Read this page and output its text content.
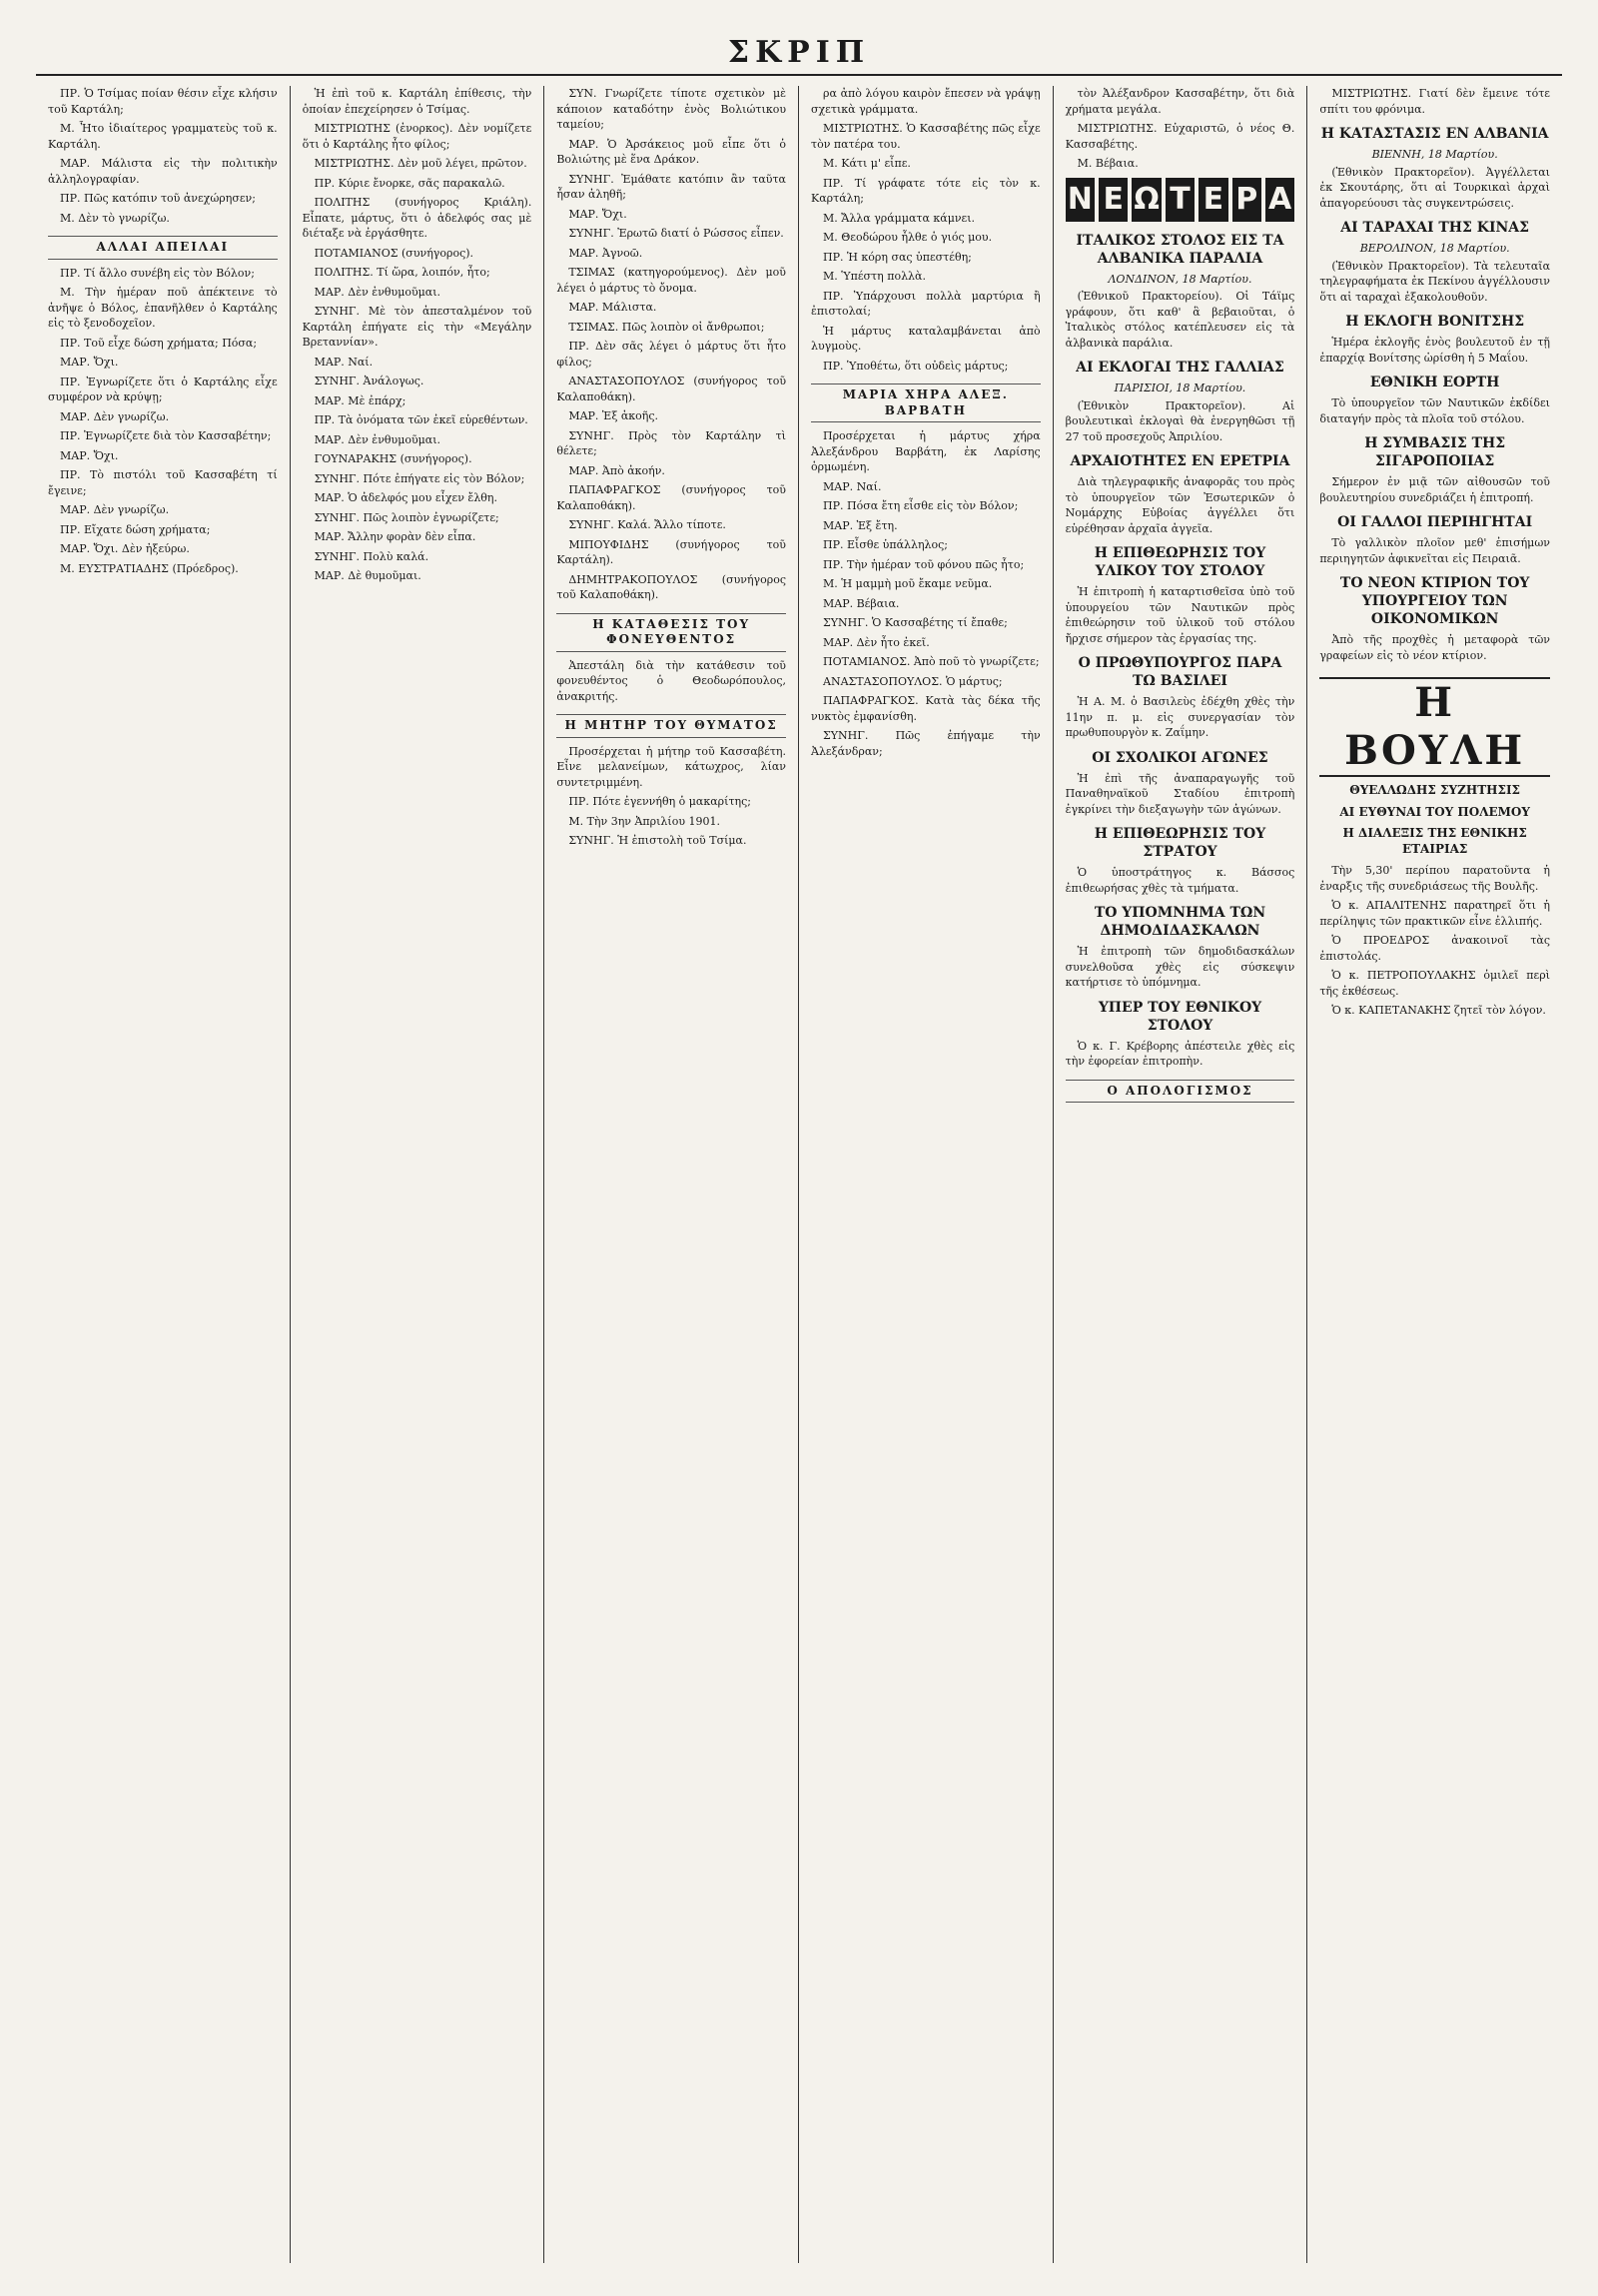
ΣΚΡΙΠ

ΠΡ. Ὁ Τσίμας ποίαν θέσιν εἶχε κλήσιν τοῦ Καρτάλη;

Μ. Ἦτο ἰδιαίτερος γραμματεὺς τοῦ κ. Καρτάλη.

ΜΑΡ. Μάλιστα εἰς τὴν πολιτικὴν ἀλληλογραφίαν.

ΠΡ. Πῶς κατόπιν τοῦ ἀνεχώρησεν;

Μ. Δὲν τὸ γνωρίζω.

ΑΛΛΑΙ ΑΠΕΙΛΑΙ

ΠΡ. Τί ἄλλο συνέβη εἰς τὸν Βόλον;

Μ. Τὴν ἡμέραν ποῦ ἀπέκτεινε τὸ ἀνῆψε ὁ Βόλος, ἐπανῆλθεν ὁ Καρτάλης εἰς τὸ ξενοδοχεῖον.

ΠΡ. Τοῦ εἶχε δώση χρήματα; Πόσα;

ΜΑΡ. Ὄχι.

ΠΡ. Ἐγνωρίζετε ὅτι ὁ Καρτάλης εἶχε συμφέρον νὰ κρύψῃ;

ΜΑΡ. Δὲν γνωρίζω.

ΠΡ. Ἐγνωρίζετε διὰ τὸν Κασσαβέτην;

ΜΑΡ. Ὄχι.

ΠΡ. Τὸ πιστόλι τοῦ Κασσαβέτη τί ἔγεινε;

ΜΑΡ. Δὲν γνωρίζω.

ΠΡ. Εἴχατε δώση χρήματα;

ΜΑΡ. Ὄχι. Δὲν ἠξεύρω.

Μ. ΕΥΣΤΡΑΤΙΑΔΗΣ (Πρόεδρος).

Ἡ ἐπὶ τοῦ κ. Καρτάλη ἐπίθεσις, τὴν ὁποίαν ἐπεχείρησεν ὁ Τσίμας.

ΜΙΣΤΡΙΩΤΗΣ (ἐνορκος). Δὲν νομίζετε ὅτι ὁ Καρτάλης ἦτο φίλος;

ΜΙΣΤΡΙΩΤΗΣ. Δὲν μοῦ λέγει, πρῶτον.

ΠΡ. Κύριε ἔνορκε, σᾶς παρακαλῶ.

ΠΟΛΙΤΗΣ (συνήγορος Κριάλη). Εἶπατε, μάρτυς, ὅτι ὁ ἀδελφός σας μὲ διέταξε νὰ ἐργάσθητε.

ΠΟΤΑΜΙΑΝΟΣ (συνήγορος).

ΠΟΛΙΤΗΣ. Τί ὥρα, λοιπόν, ἦτο;

ΜΑΡ. Δὲν ἐνθυμοῦμαι.

ΣΥΝΗΓ. Μὲ τὸν ἀπεσταλμένον τοῦ Καρτάλη ἐπήγατε εἰς τὴν «Μεγάλην Βρεταννίαν».

ΜΑΡ. Ναί.

ΣΥΝΗΓ. Ἀνάλογως.

ΜΑΡ. Μὲ ἐπάρχ;

ΠΡ. Τὰ ὀνόματα τῶν ἐκεῖ εὑρεθέντων.

ΜΑΡ. Δὲν ἐνθυμοῦμαι.

ΓΟΥΝΑΡΑΚΗΣ (συνήγορος).

ΣΥΝΗΓ. Πότε ἐπήγατε εἰς τὸν Βόλον;

ΜΑΡ. Ὁ ἀδελφός μου εἶχεν ἔλθη.

ΣΥΝΗΓ. Πῶς λοιπὸν ἐγνωρίζετε;

ΜΑΡ. Ἄλλην φορὰν δὲν εἶπα.

ΣΥΝΗΓ. Πολὺ καλά.

ΜΑΡ. Δὲ θυμοῦμαι.

ΣΥΝ. Γνωρίζετε τίποτε σχετικὸν μὲ κάποιον καταδότην ἐνὸς Βολιώτικου ταμείου;

ΜΑΡ. Ὁ Ἀρσάκειος μοῦ εἶπε ὅτι ὁ Βολιώτης μὲ ἕνα Δράκον.

ΣΥΝΗΓ. Ἐμάθατε κατόπιν ἂν ταῦτα ἦσαν ἀληθῆ;

ΜΑΡ. Ὄχι.

ΣΥΝΗΓ. Ἐρωτῶ διατί ὁ Ρώσσος εἶπεν.

ΜΑΡ. Ἀγνοῶ.

ΤΣΙΜΑΣ (κατηγορούμενος). Δὲν μοῦ λέγει ὁ μάρτυς τὸ ὄνομα.

ΜΑΡ. Μάλιστα.

ΤΣΙΜΑΣ. Πῶς λοιπὸν οἱ ἄνθρωποι;

ΠΡ. Δὲν σᾶς λέγει ὁ μάρτυς ὅτι ἦτο φίλος;

ΑΝΑΣΤΑΣΟΠΟΥΛΟΣ (συνήγορος τοῦ Καλαποθάκη).

ΜΑΡ. Ἐξ ἀκοῆς.

ΣΥΝΗΓ. Πρὸς τὸν Καρτάλην τὶ θέλετε;

ΜΑΡ. Ἀπὸ ἀκοήν.

ΠΑΠΑΦΡΑΓΚΟΣ (συνήγορος τοῦ Καλαποθάκη).

ΣΥΝΗΓ. Καλά. Ἄλλο τίποτε.

ΜΙΠΟΥΦΙΔΗΣ (συνήγορος τοῦ Καρτάλη).

ΔΗΜΗΤΡΑΚΟΠΟΥΛΟΣ (συνήγορος τοῦ Καλαποθάκη).

Η ΚΑΤΑΘΕΣΙΣ ΤΟΥ ΦΟΝΕΥΘΕΝΤΟΣ

Ἀπεστάλη διὰ τὴν κατάθεσιν τοῦ φονευθέντος ὁ Θεοδωρόπουλος, ἀνακριτής.

Η ΜΗΤΗΡ ΤΟΥ ΘΥΜΑΤΟΣ

Προσέρχεται ἡ μήτηρ τοῦ Κασσαβέτη. Εἶνε μελανείμων, κάτωχρος, λίαν συντετριμμένη.

ΠΡ. Πότε ἐγεννήθη ὁ μακαρίτης;

Μ. Τὴν 3ην Ἀπριλίου 1901.

ΣΥΝΗΓ. Ἡ ἐπιστολὴ τοῦ Τσίμα.

ρα ἀπὸ λόγου καιρὸν ἔπεσεν νὰ γράψῃ σχετικὰ γράμματα.

ΜΙΣΤΡΙΩΤΗΣ. Ὁ Κασσαβέτης πῶς εἶχε τὸν πατέρα του.

Μ. Κάτι μ' εἶπε.

ΠΡ. Τί γράφατε τότε εἰς τὸν κ. Καρτάλη;

Μ. Ἄλλα γράμματα κάμνει.

Μ. Θεοδώρου ἦλθε ὁ γιός μου.

ΠΡ. Ἡ κόρη σας ὑπεστέθη;

Μ. Ὑπέστη πολλὰ.

ΠΡ. Ὑπάρχουσι πολλὰ μαρτύρια ἢ ἐπιστολαί;

Ἡ μάρτυς καταλαμβάνεται ἀπὸ λυγμοὺς.

ΠΡ. Ὑποθέτω, ὅτι οὐδεὶς μάρτυς;

ΜΑΡΙΑ ΧΗΡΑ ΑΛΕΞ. ΒΑΡΒΑΤΗ

Προσέρχεται ἡ μάρτυς χήρα Ἀλεξάνδρου Βαρβάτη, ἐκ Λαρίσης ὁρμωμένη.

ΜΑΡ. Ναί.

ΠΡ. Πόσα ἔτη εἶσθε εἰς τὸν Βόλον;

ΜΑΡ. Ἐξ ἔτη.

ΠΡ. Εἶσθε ὑπάλληλος;

ΠΡ. Τὴν ἡμέραν τοῦ φόνου πῶς ἦτο;

Μ. Ἡ μαμμὴ μοῦ ἔκαμε νεῦμα.

ΜΑΡ. Βέβαια.

ΣΥΝΗΓ. Ὁ Κασσαβέτης τί ἔπαθε;

ΜΑΡ. Δὲν ἦτο ἐκεῖ.

ΠΟΤΑΜΙΑΝΟΣ. Ἀπὸ ποῦ τὸ γνωρίζετε;

ΑΝΑΣΤΑΣΟΠΟΥΛΟΣ. Ὁ μάρτυς;

ΠΑΠΑΦΡΑΓΚΟΣ. Κατὰ τὰς δέκα τῆς νυκτὸς ἐμφανίσθη.

ΣΥΝΗΓ. Πῶς ἐπήγαμε τὴν Ἀλεξάνδραν;

τὸν Ἀλέξανδρον Κασσαβέτην, ὅτι διὰ χρήματα μεγάλα.

ΜΙΣΤΡΙΩΤΗΣ. Εὐχαριστῶ, ὁ νέος Θ. Κασσαβέτης.

Μ. Βέβαια.

Ν Ε Ω Τ Ε Ρ Α
ΙΤΑΛΙΚΟΣ ΣΤΟΛΟΣ ΕΙΣ ΤΑ ΑΛΒΑΝΙΚΑ ΠΑΡΑΛΙΑ
ΛΟΝΔΙΝΟΝ, 18 Μαρτίου.

(Ἐθνικοῦ Πρακτορείου). Οἱ Τάϊμς γράφουν, ὅτι καθ' ἃ βεβαιοῦται, ὁ Ἰταλικὸς στόλος κατέπλευσεν εἰς τὰ ἀλβανικὰ παράλια.

ΑΙ ΕΚΛΟΓΑΙ ΤΗΣ ΓΑΛΛΙΑΣ
ΠΑΡΙΣΙΟΙ, 18 Μαρτίου.

(Ἐθνικὸν Πρακτορεῖον). Αἱ βουλευτικαὶ ἐκλογαὶ θὰ ἐνεργηθῶσι τῇ 27 τοῦ προσεχοῦς Ἀπριλίου.

ΑΡΧΑΙΟΤΗΤΕΣ ΕΝ ΕΡΕΤΡΙΑ

Διὰ τηλεγραφικῆς ἀναφορᾶς του πρὸς τὸ ὑπουργεῖον τῶν Ἐσωτερικῶν ὁ Νομάρχης Εὐβοίας ἀγγέλλει ὅτι εὑρέθησαν ἀρχαῖα ἀγγεῖα.

Η ΕΠΙΘΕΩΡΗΣΙΣ ΤΟΥ ΥΛΙΚΟΥ ΤΟΥ ΣΤΟΛΟΥ

Ἡ ἐπιτροπὴ ἡ καταρτισθεῖσα ὑπὸ τοῦ ὑπουργείου τῶν Ναυτικῶν πρὸς ἐπιθεώρησιν τοῦ ὑλικοῦ τοῦ στόλου ἤρχισε σήμερον τὰς ἐργασίας της.

Ο ΠΡΩΘΥΠΟΥΡΓΟΣ ΠΑΡΑ ΤΩ ΒΑΣΙΛΕΙ

Ἡ Α. Μ. ὁ Βασιλεὺς ἐδέχθη χθὲς τὴν 11ην π. μ. εἰς συνεργασίαν τὸν πρωθυπουργὸν κ. Ζαΐμην.

ΟΙ ΣΧΟΛΙΚΟΙ ΑΓΩΝΕΣ

Ἡ ἐπὶ τῆς ἀναπαραγωγῆς τοῦ Παναθηναϊκοῦ Σταδίου ἐπιτροπὴ ἐγκρίνει τὴν διεξαγωγὴν τῶν ἀγώνων.

Η ΕΠΙΘΕΩΡΗΣΙΣ ΤΟΥ ΣΤΡΑΤΟΥ

Ὁ ὑποστράτηγος κ. Βάσσος ἐπιθεωρήσας χθὲς τὰ τμήματα.

ΤΟ ΥΠΟΜΝΗΜΑ ΤΩΝ ΔΗΜΟΔΙΔΑΣΚΑΛΩΝ

Ἡ ἐπιτροπὴ τῶν δημοδιδασκάλων συνελθοῦσα χθὲς εἰς σύσκεψιν κατήρτισε τὸ ὑπόμνημα.

ΥΠΕΡ ΤΟΥ ΕΘΝΙΚΟΥ ΣΤΟΛΟΥ

Ὁ κ. Γ. Κρέβορης ἀπέστειλε χθὲς εἰς τὴν ἐφορείαν ἐπιτροπὴν.

Ο ΑΠΟΛΟΓΙΣΜΟΣ

ΜΙΣΤΡΙΩΤΗΣ. Γιατί δὲν ἔμεινε τότε σπίτι του φρόνιμα.

Η ΚΑΤΑΣΤΑΣΙΣ ΕΝ ΑΛΒΑΝΙΑ
ΒΙΕΝΝΗ, 18 Μαρτίου.

(Ἐθνικὸν Πρακτορεῖον). Ἀγγέλλεται ἐκ Σκουτάρης, ὅτι αἱ Τουρκικαὶ ἀρχαὶ ἀπαγορεύουσι τὰς συγκεντρώσεις.

ΑΙ ΤΑΡΑΧΑΙ ΤΗΣ ΚΙΝΑΣ
ΒΕΡΟΛΙΝΟΝ, 18 Μαρτίου.

(Ἐθνικὸν Πρακτορεῖον). Τὰ τελευταῖα τηλεγραφήματα ἐκ Πεκίνου ἀγγέλλουσιν ὅτι αἱ ταραχαὶ ἐξακολουθοῦν.

Η ΕΚΛΟΓΗ ΒΟΝΙΤΣΗΣ

Ἡμέρα ἐκλογῆς ἑνὸς βουλευτοῦ ἐν τῇ ἐπαρχίᾳ Βονίτσης ὡρίσθη ἡ 5 Μαΐου.

ΕΘΝΙΚΗ ΕΟΡΤΗ

Τὸ ὑπουργεῖον τῶν Ναυτικῶν ἐκδίδει διαταγήν πρὸς τὰ πλοῖα τοῦ στόλου.

Η ΣΥΜΒΑΣΙΣ ΤΗΣ ΣΙΓΑΡΟΠΟΙΙΑΣ

Σήμερον ἐν μιᾷ τῶν αἰθουσῶν τοῦ βουλευτηρίου συνεδριάζει ἡ ἐπιτροπή.

ΟΙ ΓΑΛΛΟΙ ΠΕΡΙΗΓΗΤΑΙ

Τὸ γαλλικὸν πλοῖον μεθ' ἐπισήμων περιηγητῶν ἀφικνεῖται εἰς Πειραιᾶ.

ΤΟ ΝΕΟΝ ΚΤΙΡΙΟΝ ΤΟΥ ΥΠΟΥΡΓΕΙΟΥ ΤΩΝ ΟΙΚΟΝΟΜΙΚΩΝ

Ἀπὸ τῆς προχθὲς ἡ μεταφορὰ τῶν γραφείων εἰς τὸ νέον κτίριον.

Η ΒΟΥΛΗ
ΘΥΕΛΛΩΔΗΣ ΣΥΖΗΤΗΣΙΣ
ΑΙ ΕΥΘΥΝΑΙ ΤΟΥ ΠΟΛΕΜΟΥ
Η ΔΙΑΛΕΞΙΣ ΤΗΣ ΕΘΝΙΚΗΣ ΕΤΑΙΡΙΑΣ

Τὴν 5,30' περίπου παρατοῦντα ἡ ἐναρξις τῆς συνεδριάσεως τῆς Βουλῆς.

Ὁ κ. ΑΠΑΛΙΤΕΝΗΣ παρατηρεῖ ὅτι ἡ περίληψις τῶν πρακτικῶν εἶνε ἐλλιπής.

Ὁ ΠΡΟΕΔΡΟΣ ἀνακοινοῖ τὰς ἐπιστολάς.

Ὁ κ. ΠΕΤΡΟΠΟΥΛΑΚΗΣ ὁμιλεῖ περὶ τῆς ἐκθέσεως.

Ὁ κ. ΚΑΠΕΤΑΝΑΚΗΣ ζητεῖ τὸν λόγον.
